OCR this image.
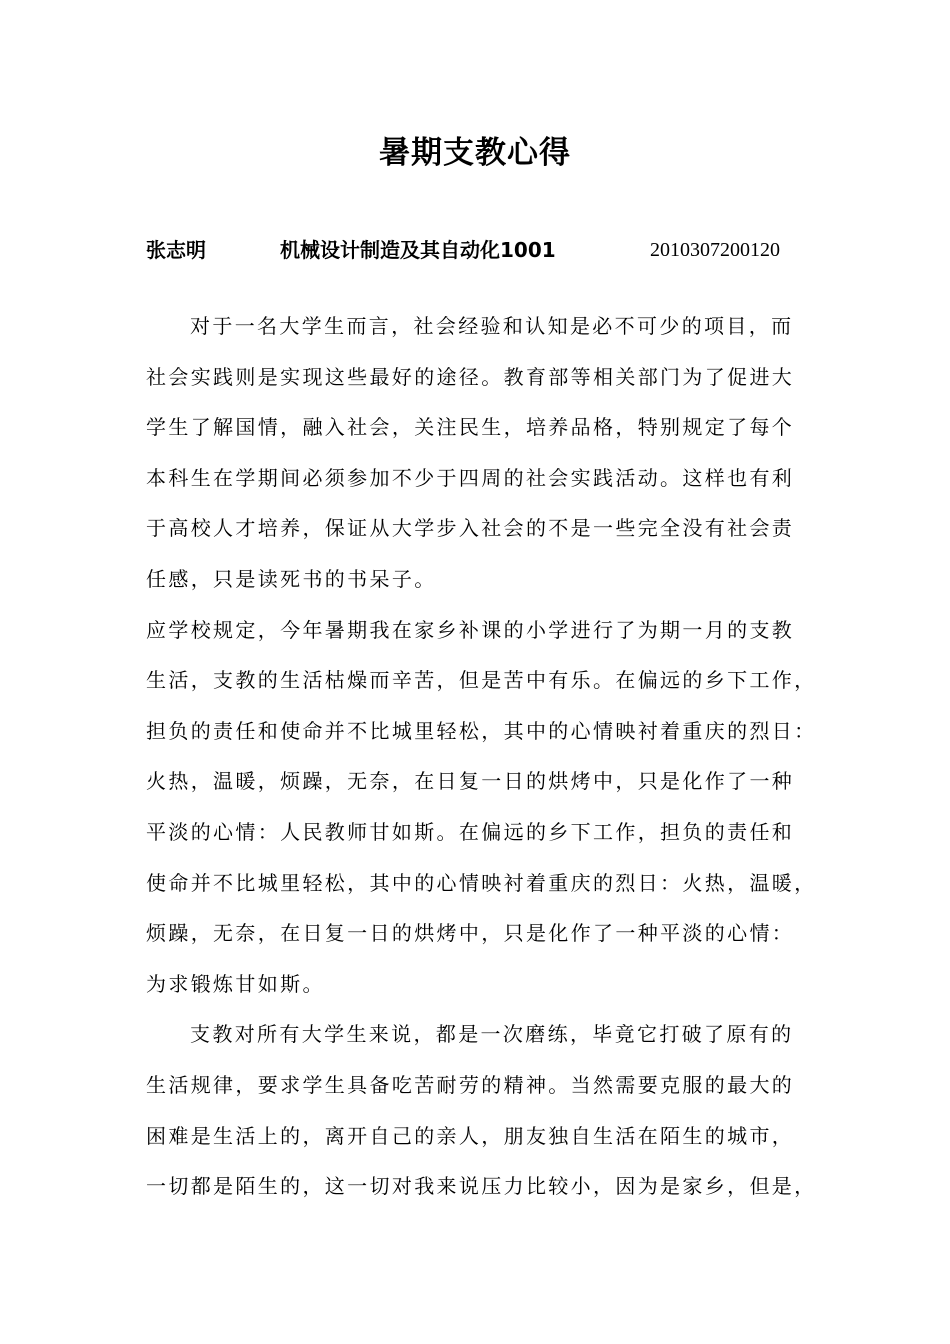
暑期支教心得
张志明	机械设计制造及其自动化1001	2010307200120
对于一名大学生而言，社会经验和认知是必不可少的项目，而
社会实践则是实现这些最好的途径。教育部等相关部门为了促进大
学生了解国情，融入社会，关注民生，培养品格，特别规定了每个
本科生在学期间必须参加不少于四周的社会实践活动。这样也有利
于高校人才培养，保证从大学步入社会的不是一些完全没有社会责
任感，只是读死书的书呆子。
应学校规定，今年暑期我在家乡补课的小学进行了为期一月的支教
生活，支教的生活枯燥而辛苦，但是苦中有乐。在偏远的乡下工作，
担负的责任和使命并不比城里轻松，其中的心情映衬着重庆的烈日：
火热，温暖，烦躁，无奈，在日复一日的烘烤中，只是化作了一种
平淡的心情：人民教师甘如斯。在偏远的乡下工作，担负的责任和
使命并不比城里轻松，其中的心情映衬着重庆的烈日：火热，温暖，
烦躁，无奈，在日复一日的烘烤中，只是化作了一种平淡的心情：
为求锻炼甘如斯。
支教对所有大学生来说，都是一次磨练，毕竟它打破了原有的
生活规律，要求学生具备吃苦耐劳的精神。当然需要克服的最大的
困难是生活上的，离开自己的亲人，朋友独自生活在陌生的城市，
一切都是陌生的，这一切对我来说压力比较小，因为是家乡，但是，
